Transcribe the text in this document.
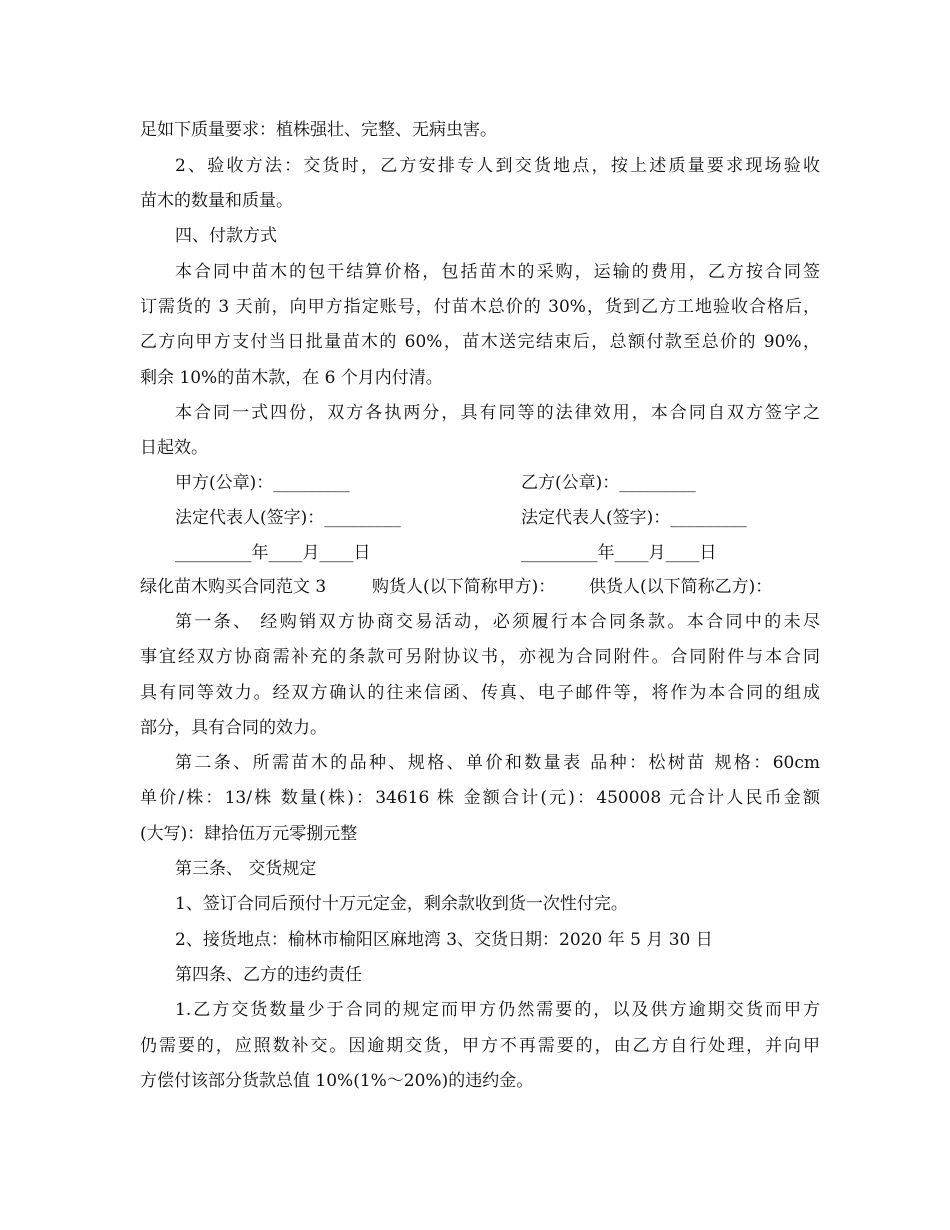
足如下质量要求：植株强壮、完整、无病虫害。
2、验收方法：交货时，乙方安排专人到交货地点，按上述质量要求现场验收
苗木的数量和质量。
四、付款方式
本合同中苗木的包干结算价格，包括苗木的采购，运输的费用，乙方按合同签
订需货的 3 天前，向甲方指定账号，付苗木总价的 30%，货到乙方工地验收合格后，
乙方向甲方支付当日批量苗木的 60%，苗木送完结束后，总额付款至总价的 90%，
剩余 10%的苗木款，在 6 个月内付清。
本合同一式四份，双方各执两分，具有同等的法律效用，本合同自双方签字之
日起效。
甲方(公章)：_________	乙方(公章)：_________
法定代表人(签字)：_________	法定代表人(签字)：_________
_________年____月____日	_________年____月____日
绿化苗木购买合同范文 3	购货人(以下简称甲方)： 供货人(以下简称乙方)：
第一条、 经购销双方协商交易活动，必须履行本合同条款。本合同中的未尽
事宜经双方协商需补充的条款可另附协议书，亦视为合同附件。合同附件与本合同
具有同等效力。经双方确认的往来信函、传真、电子邮件等，将作为本合同的组成
部分，具有合同的效力。
第二条、所需苗木的品种、规格、单价和数量表 品种：松树苗 规格：60cm
单价/株：13/株 数量(株)：34616 株 金额合计(元)：450008 元合计人民币金额
(大写)：肆拾伍万元零捌元整
第三条、 交货规定
1、签订合同后预付十万元定金，剩余款收到货一次性付完。
2、接货地点：榆林市榆阳区麻地湾 3、交货日期：2020 年 5 月 30 日
第四条、乙方的违约责任
1.乙方交货数量少于合同的规定而甲方仍然需要的，以及供方逾期交货而甲方
仍需要的，应照数补交。因逾期交货，甲方不再需要的，由乙方自行处理，并向甲
方偿付该部分货款总值 10%(1%～20%)的违约金。
